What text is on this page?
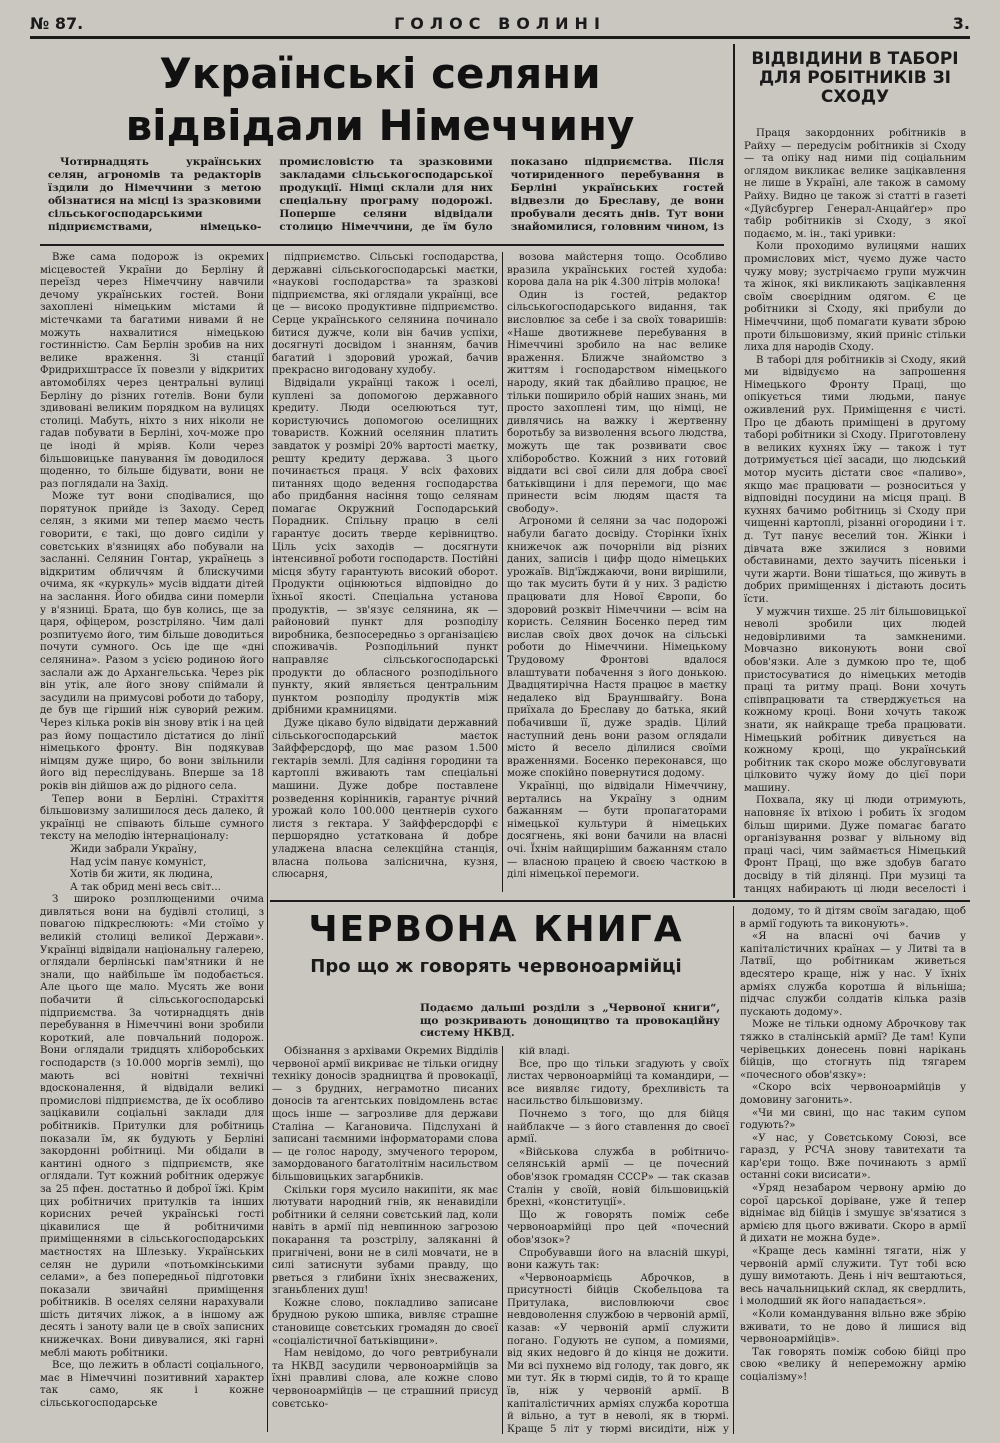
№ 87.	ГОЛОС ВОЛИНІ	3.
Українські селяни відвідали Німеччину

Чотирнадцять українських селян, агрономів та редакторів їздили до Німеччини з метою обізнатися на місці із зразковими сільськогосподарськими підприємствами, німецько-промисловістю та зразковими закладами сільськогосподарської продукції. Німці склали для них спеціальну програму подорожі. Поперше селяни відвідали столицю Німеччини, де їм було показано підприємства. Після чотириденного перебування в Берліні українських гостей відвезли до Бреславу, де вони пробували десять днів. Тут вони знайомилися, головним чином, із

Вже сама подорож із окремих місцевостей України до Берліну й переїзд через Німеччину навчили дечому українських гостей. Вони захоплені німецьким містами й містечками та багатими нивами й не можуть нахвалитися німецькою гостинністю. Сам Берлін зробив на них велике враження. Зі станції Фридрихштрассе їх повезли у відкритих автомобілях через центральні вулиці Берліну до різних готелів. Вони були здивовані великим порядком на вулицях столиці. Мабуть, ніхто з них ніколи не гадав побувати в Берліні, хоч-може про це іноді й мріяв. Коли через більшовицьке панування їм доводилося щоденно, то більше бідувати, вони не раз поглядали на Захід.

Може тут вони сподівалися, що порятунок прийде із Заходу. Серед селян, з якими ми тепер маємо честь говорити, є такі, що довго сиділи у совєтських в'язницях або побували на засланні. Селянин Гонтар, українець з відкритим обличчям й блискучими очима, як «куркуль» мусів віддати дітей на заслання. Його обидва сини померли у в'язниці. Брата, що був колись, ще за царя, офіцером, розстріляно. Чим далі розпитуємо його, тим більше доводиться почути сумного. Ось іде ще «дні селянина». Разом з усією родиною його заслали аж до Архангельська. Через рік він утік, але його знову спіймали й засудили на примусові роботи до табору, де був ще гірший ніж суворий режим. Через кілька років він знову втік і на цей раз йому пощастило дістатися до лінії німецького фронту. Він подякував німцям дуже щиро, бо вони звільнили його від переслідувань. Вперше за 18 років він дійшов аж до рідного села.

Тепер вони в Берліні. Страхіття більшовизму залишилося десь далеко, й українці не співають більше сумного тексту на мелодію інтернаціоналу:

Жиди забрали Україну,

Над усім панує комуніст,

Хотів би жити, як людина,

А так обрид мені весь світ...

З широко розплющеними очима дивляться вони на будівлі столиці, з повагою підкреслюють: «Ми стоїмо у великій столиці великої Держави». Українці відвідали національну галерею, оглядали берлінські пам'ятники й не знали, що найбільше їм подобається. Але цього ще мало. Мусять же вони побачити й сільськогосподарські підприємства. За чотирнадцять днів перебування в Німеччині вони зробили короткий, але повчальний подорож. Вони оглядали тридцять хліборобських господарств (з 10.000 моргів землі), що мають всі новітні технічні вдосконалення, й відвідали великі промислові підприємства, де їх особливо зацікавили соціальні заклади для робітників. Притулки для робітниць показали їм, як будують у Берліні закордонні робітниці. Ми обідали в кантині одного з підприємств, яке оглядали. Тут кожний робітник одержує за 25 пфен. достатньо й доброї їжі. Крім цих робітничих притулків та інших корисних речей українські гості цікавилися ще й робітничими приміщеннями в сільськогосподарських маєтностях на Шлезьку. Українських селян не дурили «потьомкінськими селами», а без попередньої підготовки показали звичайні приміщення робітників. В оселях селяни нарахували шість дитячих ліжок, а в іншому аж десять і заноту вали це в своїх записних книжечках. Вони дивувалися, які гарні меблі мають робітники.

Все, що лежить в області соціального, має в Німеччині позитивний характер так само, як і кожне сільськогосподарське

підприємство. Сільські господарства, державні сільськогосподарські маєтки, «наукові господарства» та зразкові підприємства, які оглядали українці, все це — високо продуктивне підприємство. Серце українського селянина починало битися дужче, коли він бачив успіхи, досягнуті досвідом і знанням, бачив багатий і здоровий урожай, бачив прекрасно вигодовану худобу.

Відвідали українці також і оселі, куплені за допомогою державного кредиту. Люди оселюються тут, користуючись допомогою оселищних товариств. Кожний оселянин платить завдаток у розмірі 20% вартості маєтку, решту кредиту держава. З цього починається праця. У всіх фахових питаннях щодо ведення господарства або придбання насіння тощо селянам помагає Окружний Господарський Порадник. Спільну працю в селі гарантує досить тверде керівництво. Ціль усіх заходів — досягнути інтенсивної роботи господарств. Постійні місця збуту гарантують високий оборот. Продукти оцінюються відповідно до їхньої якості. Спеціальна установа продуктів, — зв'язує селянина, як — районовий пункт для розподілу виробника, безпосередньо з організацією споживачів. Розподільний пункт направляє сільськогосподарські продукти до обласного розподільного пункту, який являється центральним пунктом розподілу продуктів між дрібними крамницями.

Дуже цікаво було відвідати державний сільськогосподарський маєток Зайфферсдорф, що має разом 1.500 гектарів землі. Для садіння городини та картоплі вживають там спеціальні машини. Дуже добре поставлене розведення корінників, гарантує річний урожай коло 100.000 центнерів сухого листя з гектара. У Зайфферсдорфі є першорядно устаткована й добре уладжена власна селекційна станція, власна польова заліснична, кузня, слюсарня,

возова майстерня тощо. Особливо вразила українських гостей худоба: корова дала на рік 4.300 літрів молока!

Один із гостей, редактор сільськогосподарського видання, так висловлює за себе і за своїх товаришів: «Наше двотижневе перебування в Німеччині зробило на нас велике враження. Ближче знайомство з життям і господарством німецького народу, який так дбайливо працює, не тільки поширило обрій наших знань, ми просто захоплені тим, що німці, не дивлячись на важку і жертвенну боротьбу за визволення всього людства, можуть ще так розвивати своє хліборобство. Кожний з них готовий віддати всі свої сили для добра своєї батьківщини і для перемоги, що має принести всім людям щастя та свободу».

Агрономи й селяни за час подорожі набули багато досвіду. Сторінки їхніх книжечок аж почорніли від різних даних, записів і цифр щодо німецьких урожаїв. Від'їжджаючи, вони вирішили, що так мусить бути й у них. З радістю працювати для Нової Європи, бо здоровий розквіт Німеччини — всім на користь. Селянин Босенко перед тим вислав своїх двох дочок на сільські роботи до Німеччини. Німецькому Трудовому Фронтові вдалося влаштувати побачення з його донькою. Двадцятирічна Настя працює в маєтку недалеко від Брауншвайгу. Вона приїхала до Бреславу до батька, який побачивши її, дуже зрадів. Цілий наступний день вони разом оглядали місто й весело ділилися своїми враженнями. Босенко переконався, що може спокійно повернутися додому.

Українці, що відвідали Німеччину, вертались на Україну з одним бажанням — бути пропагаторами німецької культури й німецьких досягнень, які вони бачили на власні очі. Їхнім найщирішим бажанням стало — власною працею й своєю часткою в ділі німецької перемоги.

ВІДВІДИНИ В ТАБОРІ ДЛЯ РОБІТНИКІВ ЗІ СХОДУ

Праця закордонних робітників в Райху — передусім робітників зі Сходу — та опіку над ними під соціальним оглядом викликає велике зацікавлення не лише в Україні, але також в самому Райху. Видно це також зі статті в газеті «Дуйсбургер Генерал-Анцайґер» про табір робітників зі Сходу, з якої подаємо, м. ін., такі уривки:

Коли проходимо вулицями наших промислових міст, чуємо дуже часто чужу мову; зустрічаємо групи мужчин та жінок, які викликають зацікавлення своїм своєрідним одягом. Є це робітники зі Сходу, які прибули до Німеччини, щоб помагати кувати зброю проти більшовизму, який приніс стільки лиха для народів Сходу.

В таборі для робітників зі Сходу, який ми відвідуємо на запрошення Німецького Фронту Праці, що опікується тими людьми, панує оживлений рух. Приміщення є чисті. Про це дбають приміщені в другому таборі робітники зі Сходу. Приготовлену в великих кухнях їжу — також і тут дотримується цієї засади, що людський мотор мусить дістати своє «паливо», якщо має працювати — розноситься у відповідні посудини на місця праці. В кухнях бачимо робітниць зі Сходу при чищенні картоплі, різанні огородини і т. д. Тут панує веселий тон. Жінки і дівчата вже зжилися з новими обставинами, дехто заучить пісеньки і чути жарти. Вони тішаться, що живуть в добрих приміщеннях і дістають досить їсти.

У мужчин тихше. 25 літ більшовицької неволі зробили цих людей недовірливими та замкненими. Мовчазно виконують вони свої обов'язки. Але з думкою про те, щоб пристосуватися до німецьких методів праці та ритму праці. Вони хочуть співпрацювати та стверджується на кожному кроці. Вони хочуть також знати, як найкраще треба працювати. Німецький робітник дивується на кожному кроці, що український робітник так скоро може обслуговувати цілковито чужу йому до цієї пори машину.

Похвала, яку ці люди отримують, наповняє їх втіхою і робить їх згодом більш щирими. Дуже помагає багато організування розваг у вільному від праці часі, чим займається Німецький Фронт Праці, що вже здобув багато досвіду в тій ділянці. При музиці та танцях набирають ці люди веселості і

ЧЕРВОНА КНИГА
Про що ж говорять червоноармійці
Подаємо дальші розділи з „Червоної книги“, що розкривають донощицтво та провокаційну систему НКВД.

Обізнання з архівами Окремих Відділів червоної армії викриває не тільки огидну техніку доносів зрадництва й провокації, — з брудних, неграмотно писаних доносів та агентських повідомлень встає щось інше — загрозливе для держави Сталіна — Кагановича. Підслухані й записані таємними інформаторами слова — це голос народу, змученого терором, замордованого багатолітнім насильством більшовицьких загарбників.

Скільки горя мусило накипіти, як має лютувати народний гнів, як ненавиділи робітники й селяни совєтський лад, коли навіть в армії під невпинною загрозою покарання та розстрілу, заляканні й пригнічені, вони не в силі мовчати, не в силі затиснути зубами правду, що рветься з глибини їхніх знесважених, зганьблених душ!

Кожне слово, покладливо записане брудною рукою шпика, вивляє страшне становище совєтських громадян до своєї «соціалістичної батьківщини».

Нам невідомо, до чого ревтрибунали та НКВД засудили червоноармійців за їхні правливі слова, але кожне слово червоноармійців — це страшний присуд совєтсько-

кій владі.

Все, про що тільки згадують у своїх листах червоноармійці та командири, — все виявляє гидоту, брехливість та насильство більшовизму.

Почнемо з того, що для бійця найблакче — з його ставлення до своєї армії.

«Військова служба в робітничо-селянській армії — це почесний обов'язок громадян СССР» — так сказав Сталін у своїй, новій більшовицькій брехні, «конституції».

Що ж говорять поміж себе червоноармійці про цей «почесний обов'язок»?

Спробувавши його на власній шкурі, вони кажуть так:

«Червоноармієць Аброчков, в присутності бійців Скобельцова та Притулака, висловлюючи своє невдоволення службою в червоній армії, казав: «У червоній армії служити погано. Годують не супом, а помиями, від яких недовго й до кінця не дожити. Ми всі пухнемо від голоду, так довго, як ми тут. Як в тюрмі сидів, то й то краще їв, ніж у червоній армії. В капіталістичних арміях служба коротша й вільно, а тут в неволі, як в тюрмі. Краще 5 літ у тюрмі висидіти, ніж у

додому, то й дітям своїм загадаю, щоб в армії годують та виконують».

«Я на власні очі бачив у капіталістичних країнах — у Литві та в Латвії, що робітникам живеться вдесятеро краще, ніж у нас. У їхніх арміях служба коротша й вільніша; підчас служби солдатів кілька разів пускають додому».

Може не тільки одному Аброчкову так тяжко в сталінській армії? Де там! Купи черівецьких донесень повні нарікань бійців, що стогнуть під тягарем «почесного обов'язку»:

«Скоро всіх червоноармійців у домовину загонить».

«Чи ми свині, що нас таким супом годують?»

«У нас, у Совєтському Союзі, все гаразд, у РСЧА знову тавитехати та кар'єри тощо. Вже починають з армії останні соки висисати».

«Уряд незабаром червону армію до сорої царської доріване, уже й тепер віднімає від бійців і змушує зв'язатися з армією для цього вживати. Скоро в армії й дихати не можна буде».

«Краще десь камінні тягати, ніж у червоній армії служити. Тут тобі всю душу вимотають. День і ніч вештаються, весь начальницький склад, як свердлить, і молодший як його нападається».

«Коли командування вільно вже збрію вживати, то не дово й лишися від червоноармійців».

Так говорять поміж собою бійці про свою «велику й непереможну армію соціалізму»!
